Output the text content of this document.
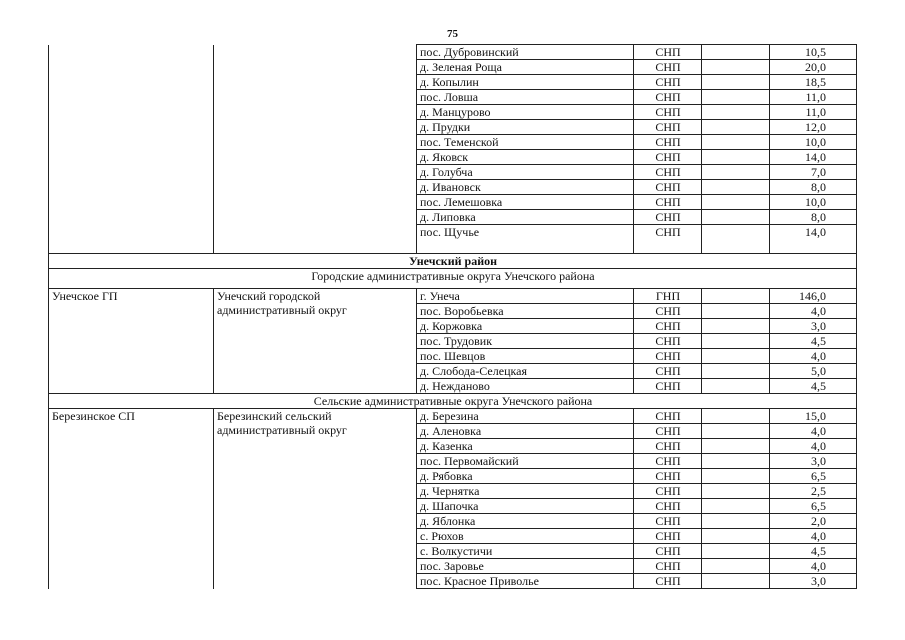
75
		пос. Дубровинский	СНП		10,5
		д. Зеленая Роща	СНП		20,0
		д. Копылин	СНП		18,5
		пос. Ловша	СНП		11,0
		д. Манцурово	СНП		11,0
		д. Прудки	СНП		12,0
		пос. Теменской	СНП		10,0
		д. Яковск	СНП		14,0
		д. Голубча	СНП		7,0
		д. Ивановск	СНП		8,0
		пос. Лемешовка	СНП		10,0
		д. Липовка	СНП		8,0
		пос. Щучье	СНП		14,0
Унечский район					
Городские административные округа Унечского района					
Унечское ГП	Унечский городской административный округ	г. Унеча	ГНП		146,0
		пос. Воробьевка	СНП		4,0
		д. Коржовка	СНП		3,0
		пос. Трудовик	СНП		4,5
		пос. Шевцов	СНП		4,0
		д. Слобода-Селецкая	СНП		5,0
		д. Нежданово	СНП		4,5
Сельские административные округа Унечского района					
Березинское СП	Березинский сельский административный округ	д. Березина	СНП		15,0
		д. Аленовка	СНП		4,0
		д. Казенка	СНП		4,0
		пос. Первомайский	СНП		3,0
		д. Рябовка	СНП		6,5
		д. Чернятка	СНП		2,5
		д. Шапочка	СНП		6,5
		д. Яблонка	СНП		2,0
		с. Рюхов	СНП		4,0
		с. Волкустичи	СНП		4,5
		пос. Заровье	СНП		4,0
		пос. Красное Приволье	СНП		3,0
